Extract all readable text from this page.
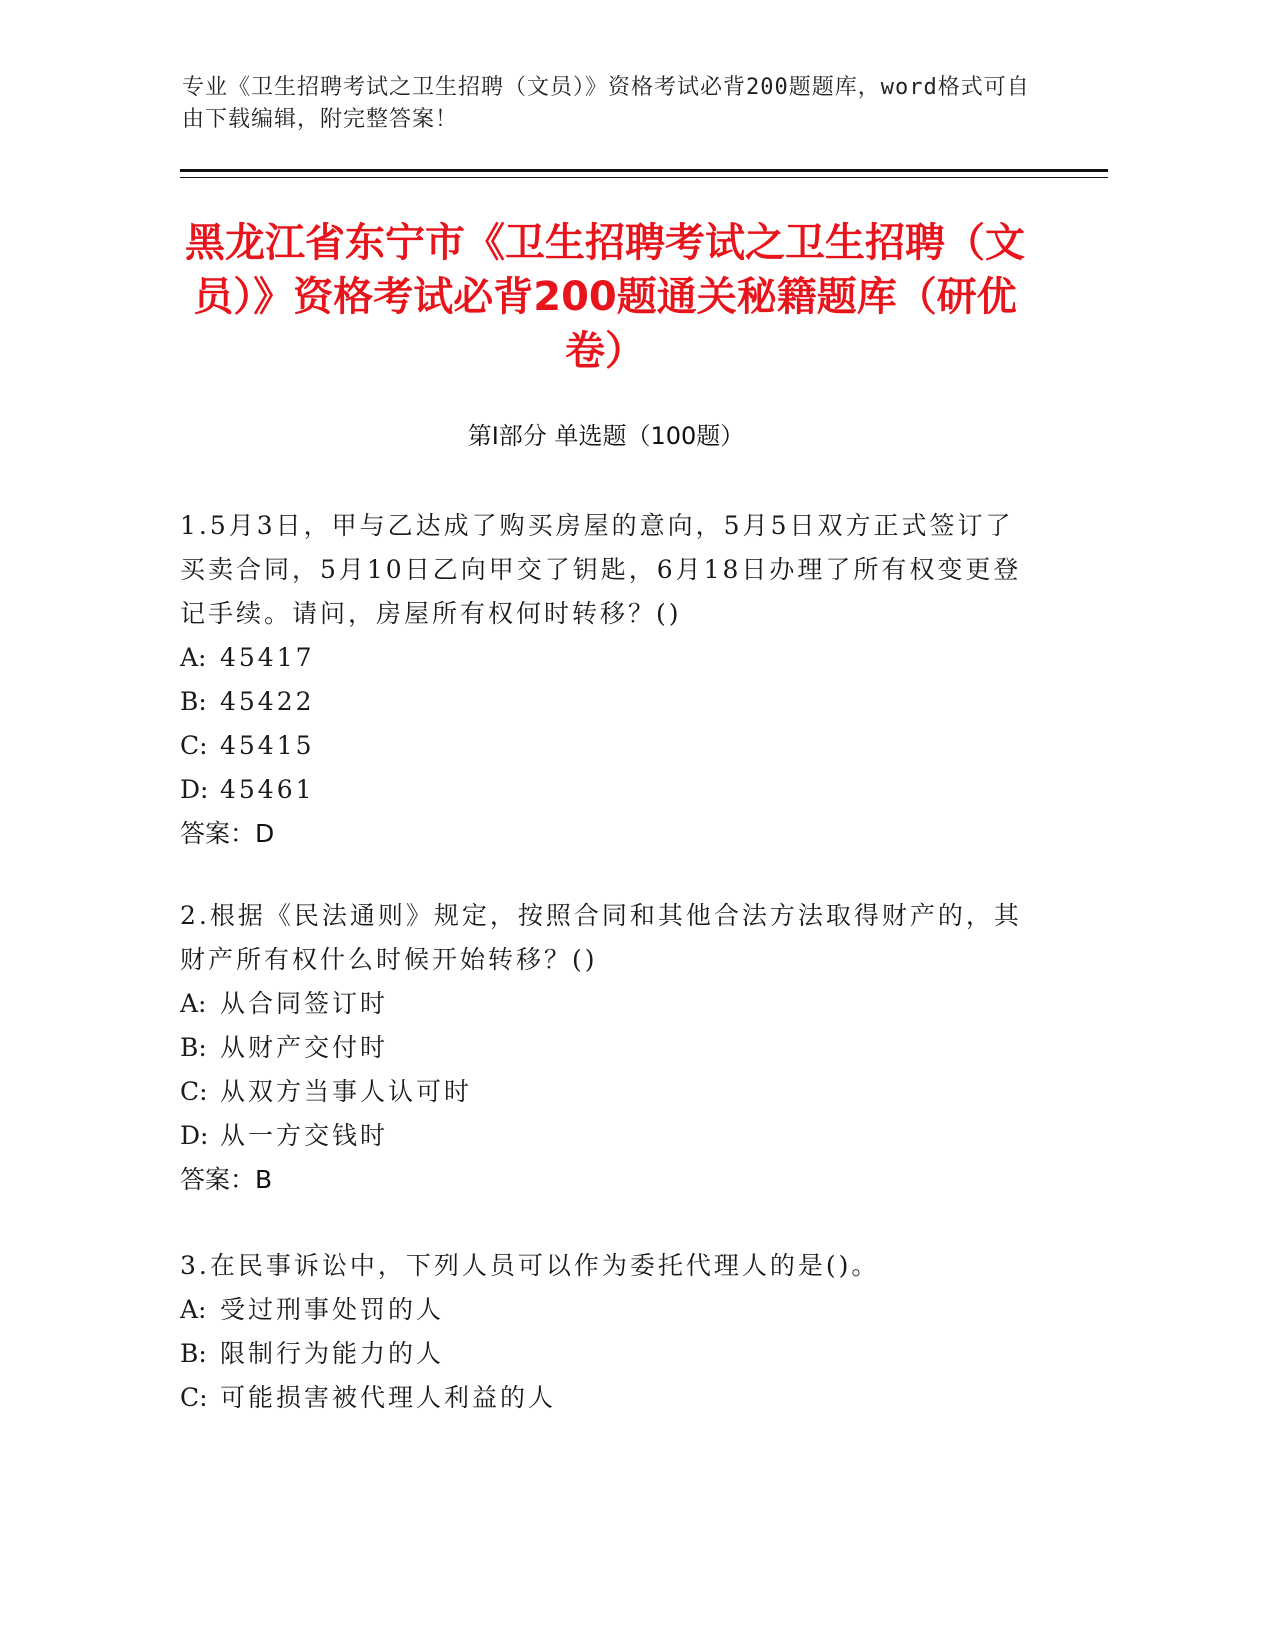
专业《卫生招聘考试之卫生招聘（文员）》资格考试必背200题题库，word格式可自由下载编辑，附完整答案！
黑龙江省东宁市《卫生招聘考试之卫生招聘（文员）》资格考试必背200题通关秘籍题库（研优卷）
第I部分 单选题（100题）
1.5月3日，甲与乙达成了购买房屋的意向，5月5日双方正式签订了买卖合同，5月10日乙向甲交了钥匙，6月18日办理了所有权变更登记手续。请问，房屋所有权何时转移？()
A: 45417
B: 45422
C: 45415
D: 45461
答案：D
2.根据《民法通则》规定，按照合同和其他合法方法取得财产的，其财产所有权什么时候开始转移？()
A: 从合同签订时
B: 从财产交付时
C: 从双方当事人认可时
D: 从一方交钱时
答案：B
3.在民事诉讼中，下列人员可以作为委托代理人的是()。
A: 受过刑事处罚的人
B: 限制行为能力的人
C: 可能损害被代理人利益的人
